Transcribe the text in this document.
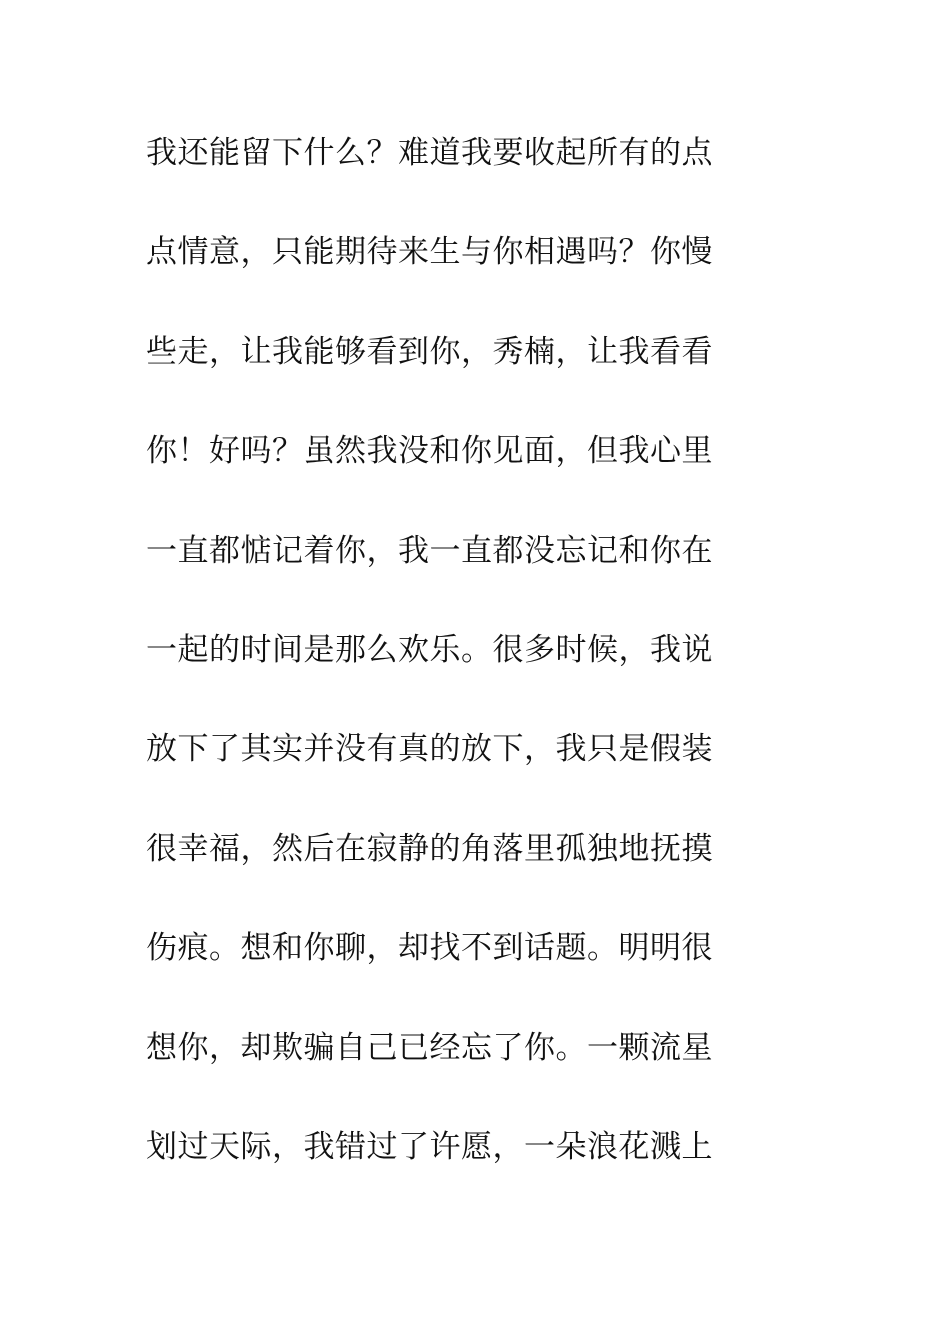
我还能留下什么？难道我要收起所有的点
点情意，只能期待来生与你相遇吗？你慢
些走，让我能够看到你，秀楠，让我看看
你！好吗？虽然我没和你见面，但我心里
一直都惦记着你，我一直都没忘记和你在
一起的时间是那么欢乐。很多时候，我说
放下了其实并没有真的放下，我只是假装
很幸福，然后在寂静的角落里孤独地抚摸
伤痕。想和你聊，却找不到话题。明明很
想你，却欺骗自己已经忘了你。一颗流星
划过天际，我错过了许愿，一朵浪花溅上
